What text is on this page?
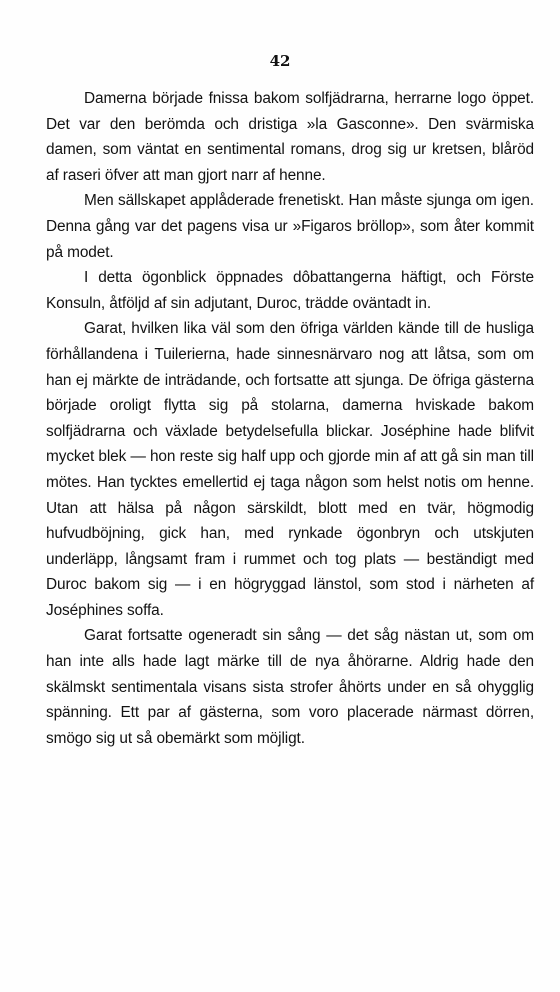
42

Damerna började fnissa bakom solfjädrarna, herrarne logo öppet. Det var den berömda och dristiga »la Gasconne». Den svärmiska damen, som väntat en sentimental romans, drog sig ur kretsen, blåröd af raseri öfver att man gjort narr af henne.

Men sällskapet applåderade frenetiskt. Han måste sjunga om igen. Denna gång var det pagens visa ur »Figaros bröllop», som åter kommit på modet.

I detta ögonblick öppnades dôbattangerna häftigt, och Förste Konsuln, åtföljd af sin adjutant, Duroc, trädde oväntadt in.

Garat, hvilken lika väl som den öfriga världen kände till de husliga förhållandena i Tuilerierna, hade sinnesnärvaro nog att låtsa, som om han ej märkte de inträdande, och fortsatte att sjunga. De öfriga gästerna började oroligt flytta sig på stolarna, damerna hviskade bakom solfjädrarna och växlade betydelsefulla blickar. Joséphine hade blifvit mycket blek — hon reste sig half upp och gjorde min af att gå sin man till mötes. Han tycktes emellertid ej taga någon som helst notis om henne. Utan att hälsa på någon särskildt, blott med en tvär, högmodig hufvudböjning, gick han, med rynkade ögonbryn och utskjuten underläpp, långsamt fram i rummet och tog plats — beständigt med Duroc bakom sig — i en högryggad länstol, som stod i närheten af Joséphines soffa.

Garat fortsatte ogeneradt sin sång — det såg nästan ut, som om han inte alls hade lagt märke till de nya åhörarne. Aldrig hade den skälmskt sentimentala visans sista strofer åhörts under en så ohygglig spänning. Ett par af gästerna, som voro placerade närmast dörren, smögo sig ut så obemärkt som möjligt.
